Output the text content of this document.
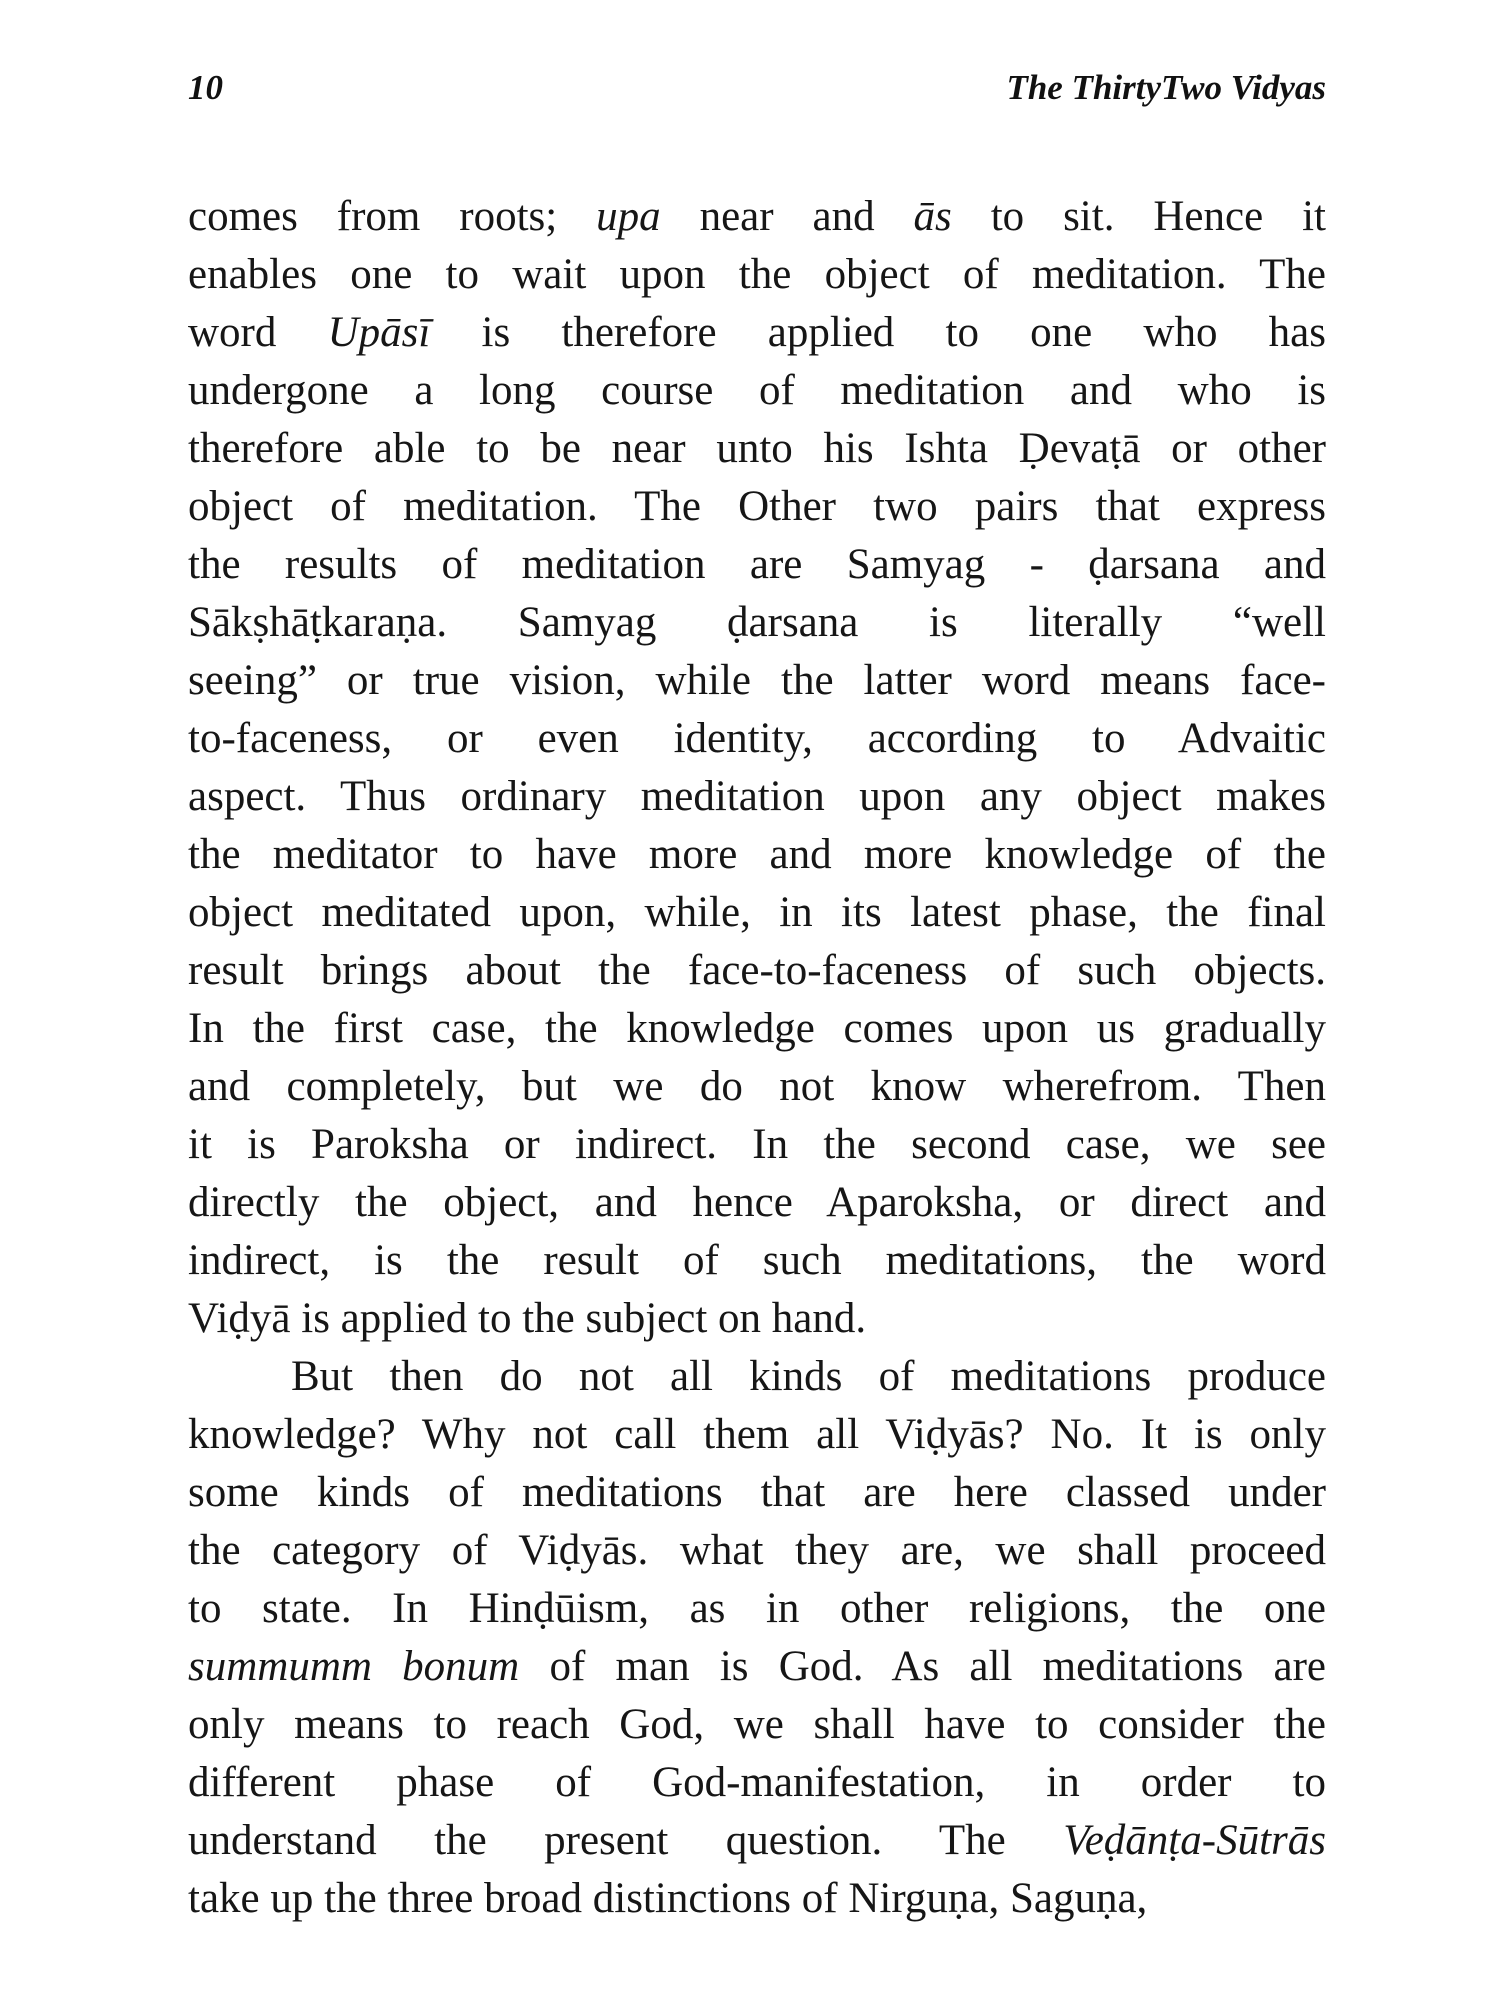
10	The ThirtyTwo Vidyas
comes from roots; upa near and ās to sit. Hence it
enables one to wait upon the object of meditation. The
word Upāsī is therefore applied to one who has
undergone a long course of meditation and who is
therefore able to be near unto his Ishta Ḍevaṭā or other
object of meditation. The Other two pairs that express
the results of meditation are Samyag - ḍarsana and
Sākṣhāṭkaraṇa. Samyag ḍarsana is literally “well
seeing” or true vision, while the latter word means face-
to-faceness, or even identity, according to Advaitic
aspect. Thus ordinary meditation upon any object makes
the meditator to have more and more knowledge of the
object meditated upon, while, in its latest phase, the final
result brings about the face-to-faceness of such objects.
In the first case, the knowledge comes upon us gradually
and completely, but we do not know wherefrom. Then
it is Paroksha or indirect. In the second case, we see
directly the object, and hence Aparoksha, or direct and
indirect, is the result of such meditations, the word
Viḍyā is applied to the subject on hand.
But then do not all kinds of meditations produce
knowledge? Why not call them all Viḍyās? No. It is only
some kinds of meditations that are here classed under
the category of Viḍyās. what they are, we shall proceed
to state. In Hinḍūism, as in other religions, the one
summumm bonum of man is God. As all meditations are
only means to reach God, we shall have to consider the
different phase of God-manifestation, in order to
understand the present question. The Veḍānṭa-Sūtrās
take up the three broad distinctions of Nirguṇa, Saguṇa,
